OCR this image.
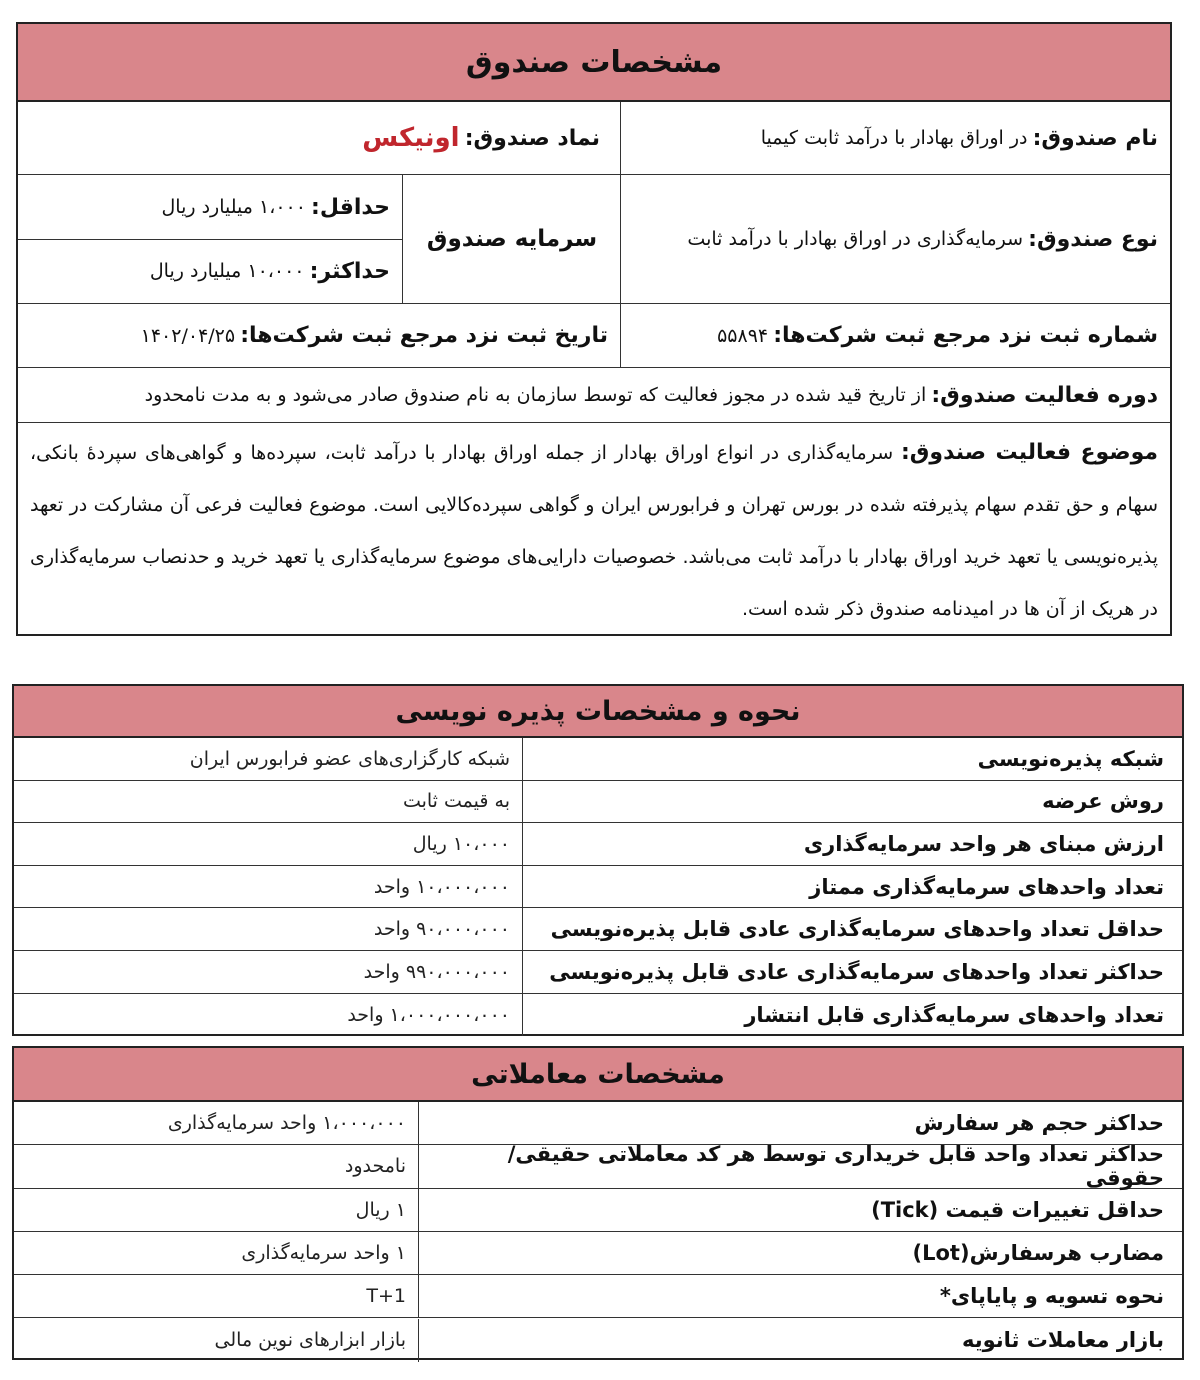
مشخصات صندوق
نام صندوق:

در اوراق بهادار با درآمد ثابت کیمیا
نماد صندوق:

اونیکس
نوع صندوق:

سرمایه‌گذاری در اوراق بهادار با درآمد ثابت
سرمایه صندوق
حداقل:

۱،۰۰۰ میلیارد ریال
حداکثر:

۱۰،۰۰۰ میلیارد ریال
شماره ثبت نزد مرجع ثبت شرکت‌ها:

۵۵۸۹۴
تاریخ ثبت نزد مرجع ثبت شرکت‌ها:

۱۴۰۲/۰۴/۲۵
دوره فعالیت صندوق:

از تاریخ قید شده در مجوز فعالیت که توسط سازمان به نام صندوق صادر می‌شود و به مدت نامحدود
موضوع فعالیت صندوق: سرمایه‌گذاری در انواع اوراق بهادار از جمله اوراق بهادار با درآمد ثابت، سپرده‌ها و گواهی‌های سپردهٔ بانکی، سهام و حق تقدم سهام پذیرفته شده در بورس تهران و فرابورس ایران و گواهی سپرده‌کالایی است. موضوع فعالیت فرعی آن مشارکت در تعهد پذیره‌نویسی یا تعهد خرید اوراق بهادار با درآمد ثابت می‌باشد. خصوصیات دارایی‌های موضوع سرمایه‌گذاری یا تعهد خرید و حدنصاب سرمایه‌گذاری در هریک از آن ها در امیدنامه صندوق ذکر شده است.
نحوه و مشخصات پذیره نویسی
شبکه پذیره‌نویسی
شبکه کارگزاری‌های عضو فرابورس ایران
روش عرضه
به قیمت ثابت
ارزش مبنای هر واحد سرمایه‌گذاری
۱۰،۰۰۰ ریال
تعداد واحدهای سرمایه‌گذاری ممتاز
۱۰،۰۰۰،۰۰۰ واحد
حداقل تعداد واحدهای سرمایه‌گذاری عادی قابل پذیره‌نویسی
۹۰،۰۰۰،۰۰۰ واحد
حداکثر تعداد واحدهای سرمایه‌گذاری عادی قابل پذیره‌نویسی
۹۹۰،۰۰۰،۰۰۰ واحد
تعداد واحدهای سرمایه‌گذاری قابل انتشار
۱،۰۰۰،۰۰۰،۰۰۰ واحد
مشخصات معاملاتی
حداکثر حجم هر سفارش
۱،۰۰۰،۰۰۰ واحد سرمایه‌گذاری
حداکثر تعداد واحد قابل خریداری توسط هر کد معاملاتی حقیقی/ حقوقی
نامحدود
حداقل تغییرات قیمت (Tick)
۱ ریال
مضارب هرسفارش(Lot)
۱ واحد سرمایه‌گذاری
نحوه تسویه و پایاپای*
T+1
بازار معاملات ثانویه
بازار ابزارهای نوین مالی
